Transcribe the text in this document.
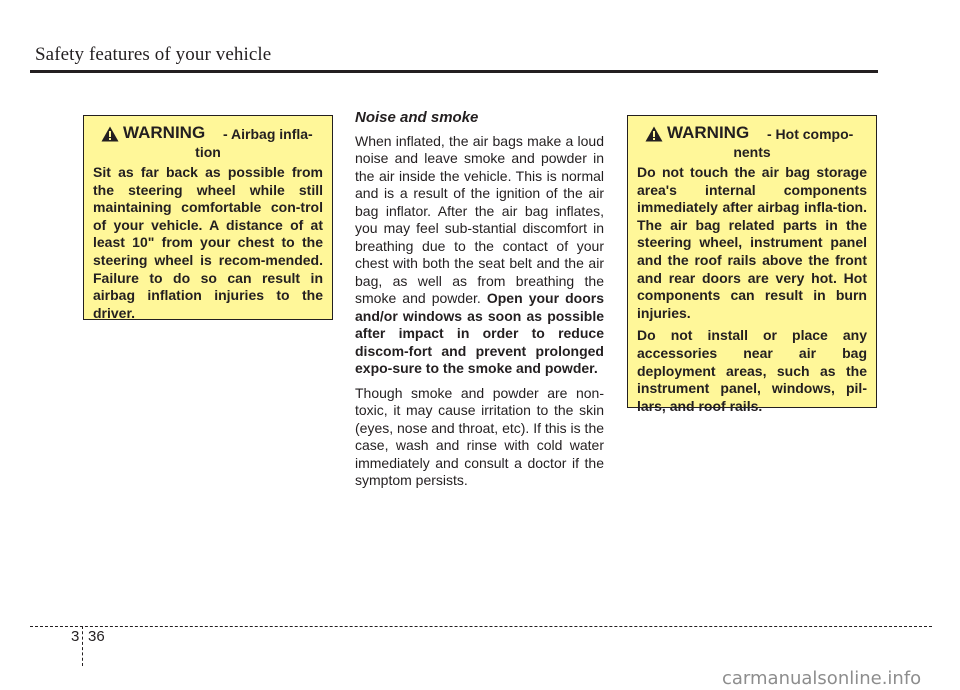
Safety features of your vehicle
WARNING - Airbag infla-
tion

Sit as far back as possible from the steering wheel while still maintaining comfortable con-trol of your vehicle. A distance of at least 10" from your chest to the steering wheel is recom-mended. Failure to do so can result in airbag inflation injuries to the driver.

Noise and smoke

When inflated, the air bags make a loud noise and leave smoke and powder in the air inside the vehicle. This is normal and is a result of the ignition of the air bag inflator. After the air bag inflates, you may feel sub-stantial discomfort in breathing due to the contact of your chest with both the seat belt and the air bag, as well as from breathing the smoke and powder. Open your doors and/or windows as soon as possible after impact in order to reduce discom-fort and prevent prolonged expo-sure to the smoke and powder.

Though smoke and powder are non-toxic, it may cause irritation to the skin (eyes, nose and throat, etc). If this is the case, wash and rinse with cold water immediately and consult a doctor if the symptom persists.

WARNING - Hot compo-
nents

Do not touch the air bag storage area's internal components immediately after airbag infla-tion. The air bag related parts in the steering wheel, instrument panel and the roof rails above the front and rear doors are very hot. Hot components can result in burn injuries.

Do not install or place any accessories near air bag deployment areas, such as the instrument panel, windows, pil-lars, and roof rails.

3 36
carmanualsonline.info
